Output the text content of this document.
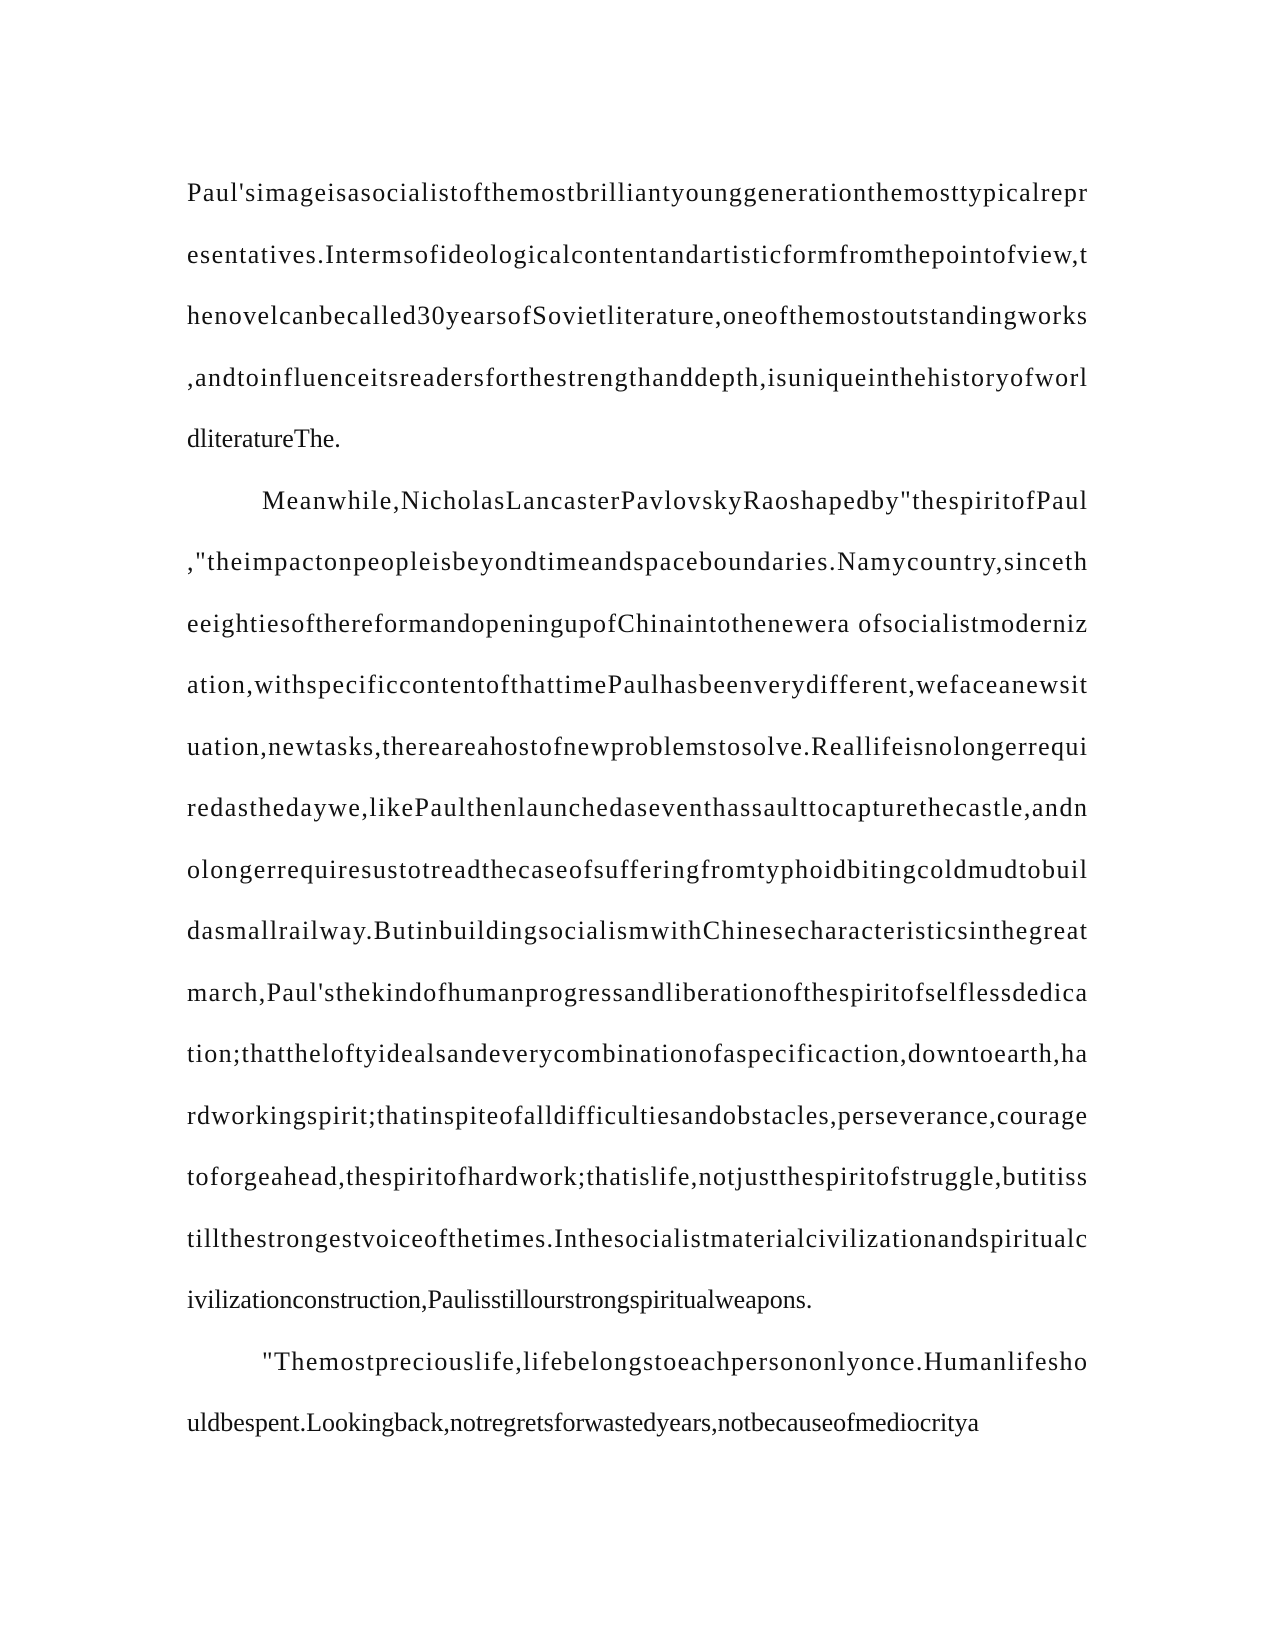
Paul'simageisasocialistofthemostbrilliantyounggenerationthemosttypicalrepr
esentatives.Intermsofideologicalcontentandartisticformfromthepointofview,t
henovelcanbecalled30yearsofSovietliterature,oneofthemostoutstandingworks
,andtoinfluenceitsreadersforthestrengthanddepth,isuniqueinthehistoryofworl
dliteratureThe.
Meanwhile,NicholasLancasterPavlovskyRaoshapedby"thespiritofPaul
,"theimpactonpeopleisbeyondtimeandspaceboundaries.Namycountry,sinceth
eeightiesofthereformandopeningupofChinaintothenewera ofsocialistmoderniz
ation,withspecificcontentofthattimePaulhasbeenverydifferent,wefaceanewsit
uation,newtasks,thereareahostofnewproblemstosolve.Reallifeisnolongerrequi
redasthedaywe,likePaulthenlaunchedaseventhassaulttocapturethecastle,andn
olongerrequiresustotreadthecaseofsufferingfromtyphoidbitingcoldmudtobuil
dasmallrailway.ButinbuildingsocialismwithChinesecharacteristicsinthegreat
march,Paul'sthekindofhumanprogressandliberationofthespiritofselflessdedica
tion;thattheloftyidealsandeverycombinationofaspecificaction,downtoearth,ha
rdworkingspirit;thatinspiteofalldifficultiesandobstacles,perseverance,courage
toforgeahead,thespiritofhardwork;thatislife,notjustthespiritofstruggle,butitiss
tillthestrongestvoiceofthetimes.Inthesocialistmaterialcivilizationandspiritualc
ivilizationconstruction,Paulisstillourstrongspiritualweapons.
"Themostpreciouslife,lifebelongstoeachpersononlyonce.Humanlifesho
uldbespent.Lookingback,notregretsforwastedyears,notbecauseofmediocritya
